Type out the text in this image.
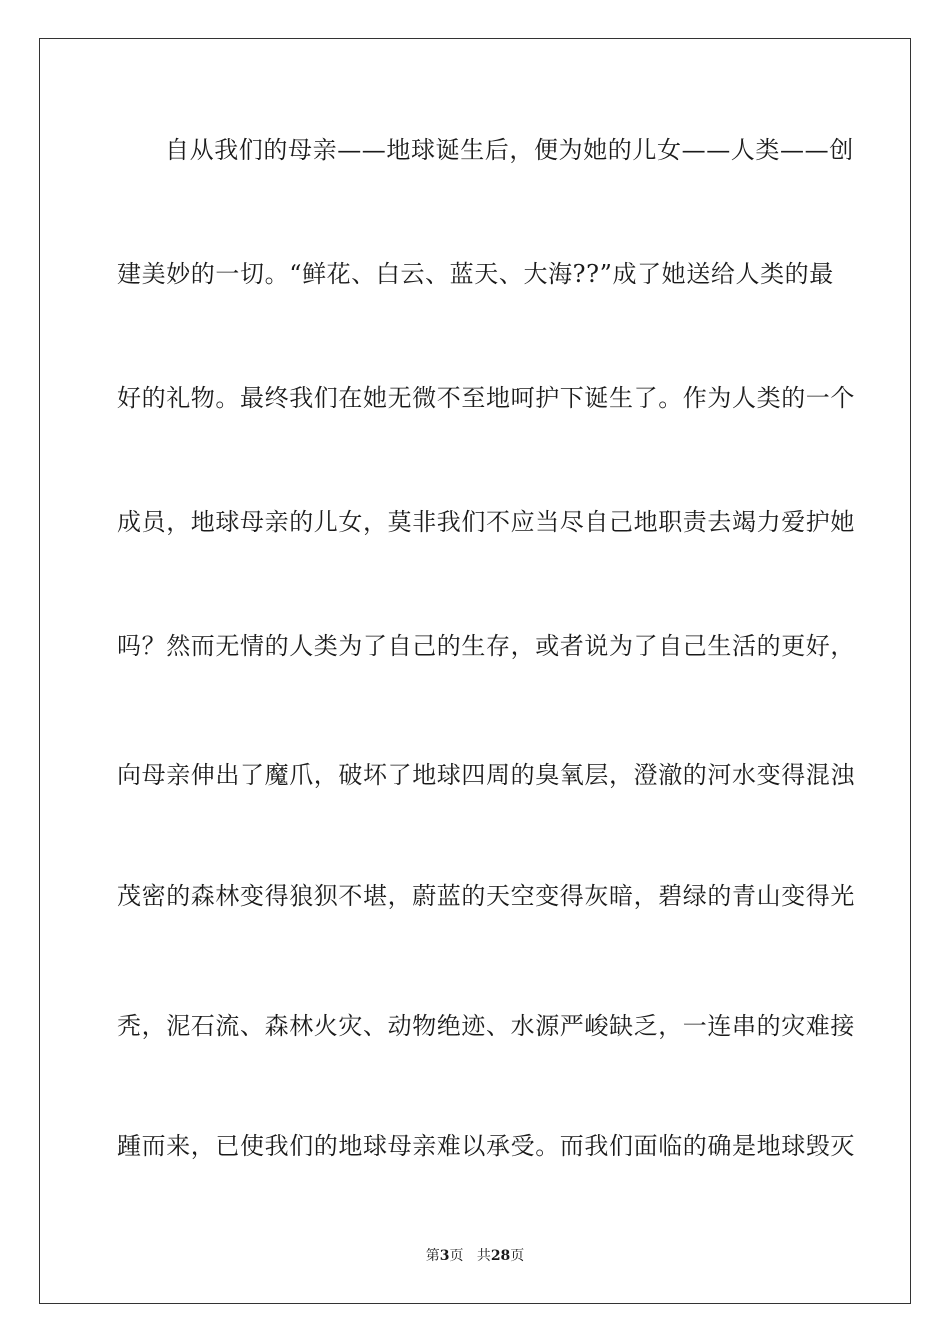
自从我们的母亲——地球诞生后，便为她的儿女——人类——创
建美妙的一切。“鲜花、白云、蓝天、大海??”成了她送给人类的最
好的礼物。最终我们在她无微不至地呵护下诞生了。作为人类的一个
成员，地球母亲的儿女，莫非我们不应当尽自己地职责去竭力爱护她
吗？然而无情的人类为了自己的生存，或者说为了自己生活的更好，
向母亲伸出了魔爪，破坏了地球四周的臭氧层，澄澈的河水变得混浊
茂密的森林变得狼狈不堪，蔚蓝的天空变得灰暗，碧绿的青山变得光
秃，泥石流、森林火灾、动物绝迹、水源严峻缺乏，一连串的灾难接
踵而来，已使我们的地球母亲难以承受。而我们面临的确是地球毁灭
第3页 共28页
